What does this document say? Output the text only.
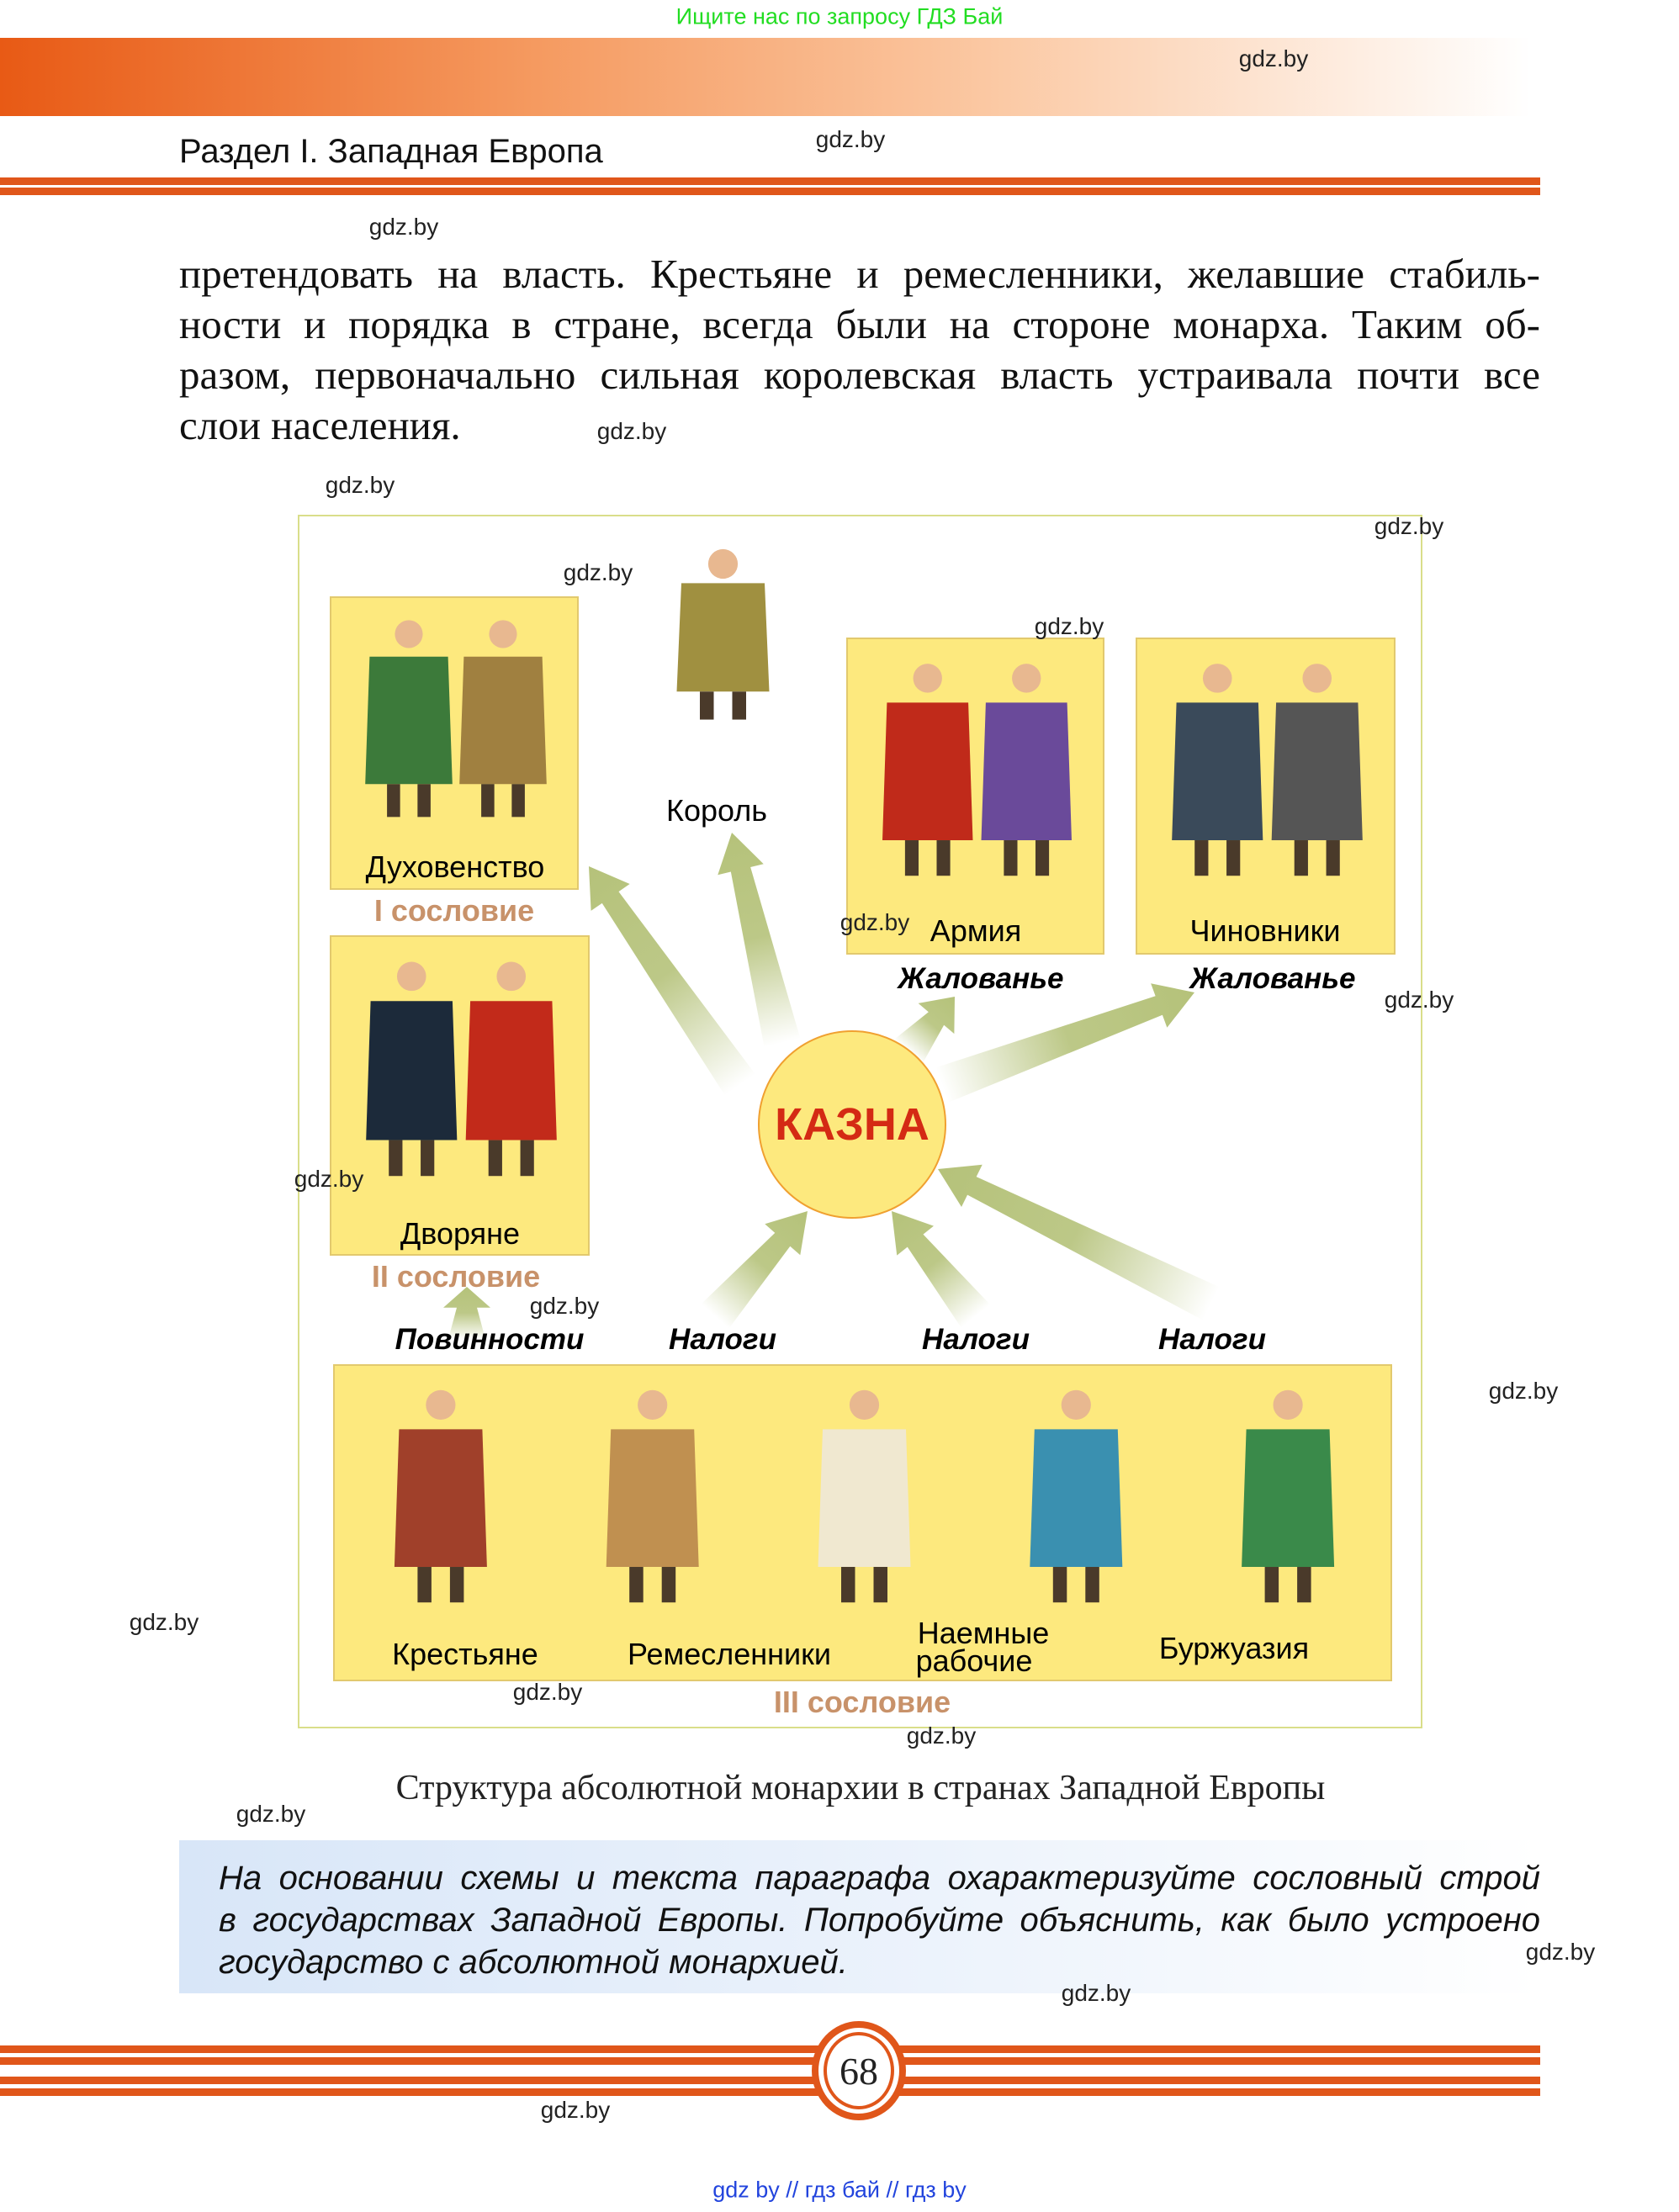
Ищите нас по запросу ГДЗ Бай
Раздел I. Западная Европа
претендовать на власть. Крестьяне и ремесленники, желавшие стабиль-
ности и порядка в стране, всегда были на стороне монарха. Таким об-
разом, первоначально сильная королевская власть устраивала почти все
слои населения.
КАЗНА
Король
Духовенство
I сословие
Армия	Чиновники
Жалованье	Жалованье
Дворяне
II сословие
Повинности	Налоги	Налоги	Налоги
Крестьяне	Ремесленники
Наемные
рабочие	Буржуазия
III сословие
Структура абсолютной монархии в странах Западной Европы

На основании схемы и текста параграфа охарактеризуйте сословный строй
в государствах Западной Европы. Попробуйте объяснить, как было устроено
государство с абсолютной монархией.

68
gdz by // гдз бай // гдз by
gdz.by
gdz.by
gdz.by
gdz.by
gdz.by
gdz.by
gdz.by
gdz.by
gdz.by
gdz.by
gdz.by
gdz.by
gdz.by
gdz.by
gdz.by
gdz.by
gdz.by
gdz.by
gdz.by
gdz.by
